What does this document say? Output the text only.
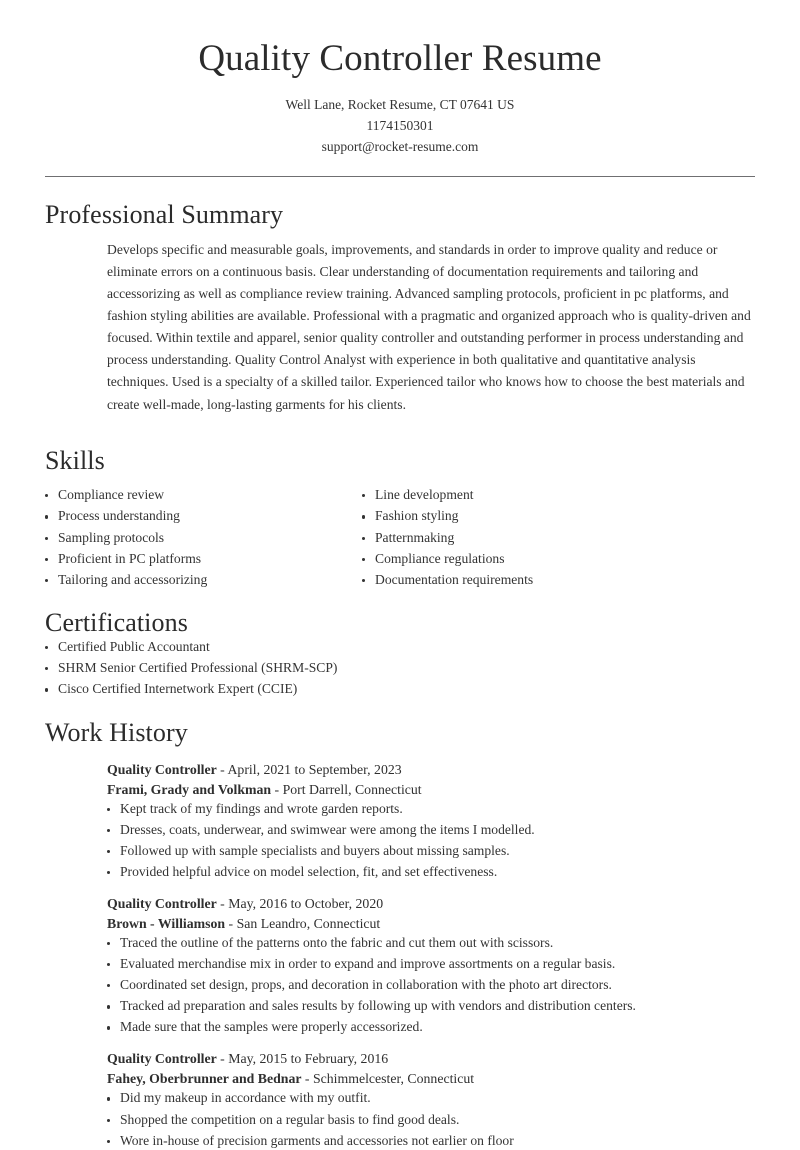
Quality Controller Resume
Well Lane, Rocket Resume, CT 07641 US
1174150301
support@rocket-resume.com
Professional Summary

Develops specific and measurable goals, improvements, and standards in order to improve quality and reduce or eliminate errors on a continuous basis. Clear understanding of documentation requirements and tailoring and accessorizing as well as compliance review training. Advanced sampling protocols, proficient in pc platforms, and fashion styling abilities are available. Professional with a pragmatic and organized approach who is quality-driven and focused. Within textile and apparel, senior quality controller and outstanding performer in process understanding and process understanding. Quality Control Analyst with experience in both qualitative and quantitative analysis techniques. Used is a specialty of a skilled tailor. Experienced tailor who knows how to choose the best materials and create well-made, long-lasting garments for his clients.

Skills
Compliance review
Process understanding
Sampling protocols
Proficient in PC platforms
Tailoring and accessorizing
Line development
Fashion styling
Patternmaking
Compliance regulations
Documentation requirements
Certifications
Certified Public Accountant
SHRM Senior Certified Professional (SHRM-SCP)
Cisco Certified Internetwork Expert (CCIE)
Work History
Quality Controller - April, 2021 to September, 2023
Frami, Grady and Volkman - Port Darrell, Connecticut
Kept track of my findings and wrote garden reports.
Dresses, coats, underwear, and swimwear were among the items I modelled.
Followed up with sample specialists and buyers about missing samples.
Provided helpful advice on model selection, fit, and set effectiveness.
Quality Controller - May, 2016 to October, 2020
Brown - Williamson - San Leandro, Connecticut
Traced the outline of the patterns onto the fabric and cut them out with scissors.
Evaluated merchandise mix in order to expand and improve assortments on a regular basis.
Coordinated set design, props, and decoration in collaboration with the photo art directors.
Tracked ad preparation and sales results by following up with vendors and distribution centers.
Made sure that the samples were properly accessorized.
Quality Controller - May, 2015 to February, 2016
Fahey, Oberbrunner and Bednar - Schimmelcester, Connecticut
Did my makeup in accordance with my outfit.
Shopped the competition on a regular basis to find good deals.
Wore in-house of precision garments and accessories not earlier on floor
